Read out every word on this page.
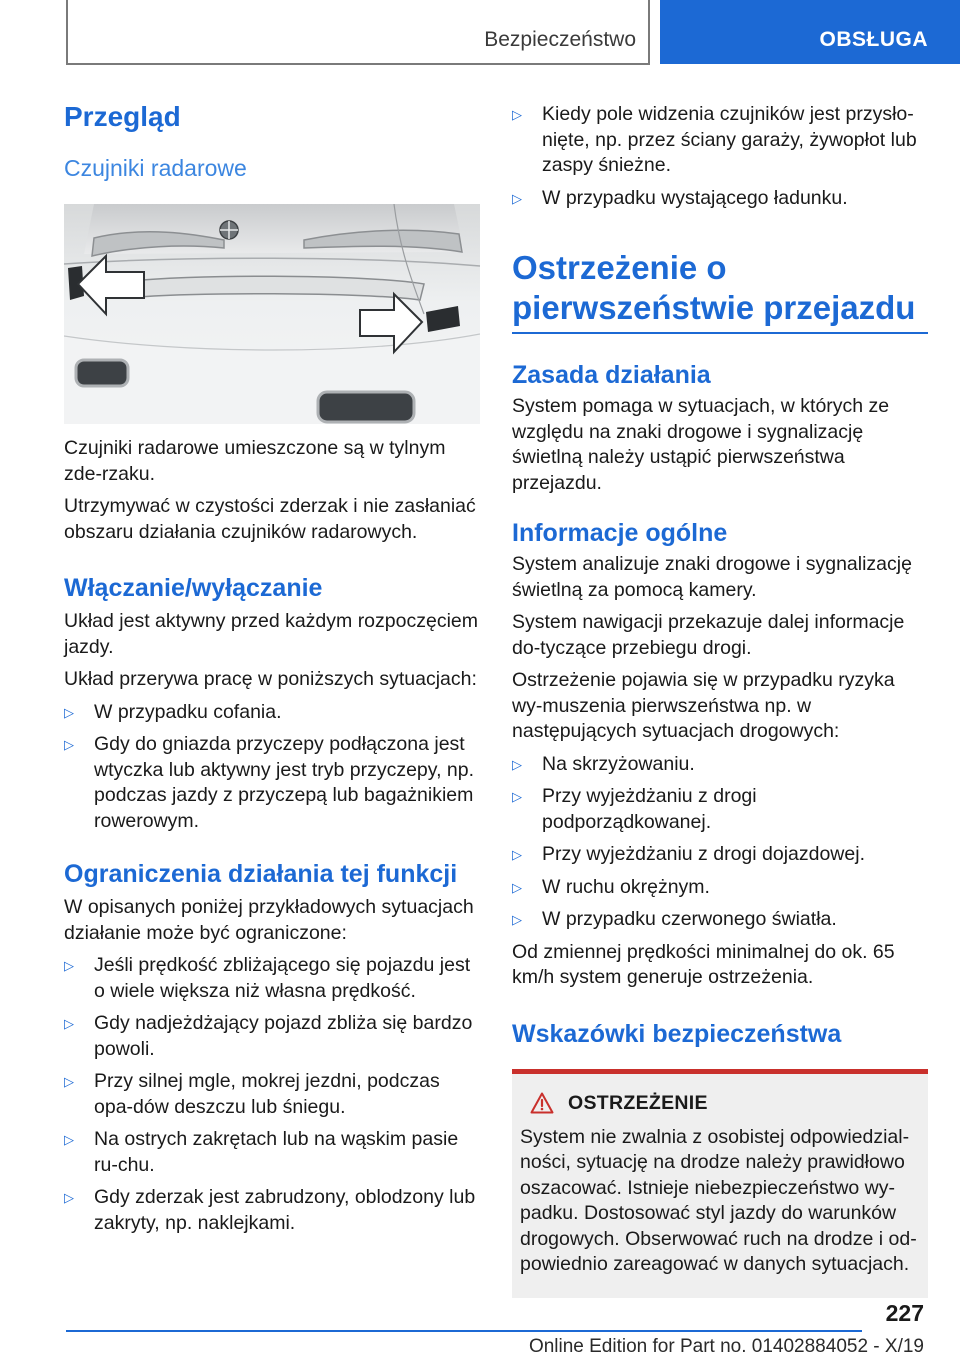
Bezpieczeństwo	OBSŁUGA
Przegląd
Czujniki radarowe

Czujniki radarowe umieszczone są w tylnym zde-rzaku.

Utrzymywać w czystości zderzak i nie zasłaniać obszaru działania czujników radarowych.

Włączanie/wyłączanie

Układ jest aktywny przed każdym rozpoczęciem jazdy.

Układ przerywa pracę w poniższych sytuacjach:

▷ W przypadku cofania.
▷ Gdy do gniazda przyczepy podłączona jest wtyczka lub aktywny jest tryb przyczepy, np. podczas jazdy z przyczepą lub bagażnikiem rowerowym.
Ograniczenia działania tej funkcji

W opisanych poniżej przykładowych sytuacjach działanie może być ograniczone:

▷ Jeśli prędkość zbliżającego się pojazdu jest o wiele większa niż własna prędkość.
▷ Gdy nadjeżdżający pojazd zbliża się bardzo powoli.
▷ Przy silnej mgle, mokrej jezdni, podczas opa-dów deszczu lub śniegu.
▷ Na ostrych zakrętach lub na wąskim pasie ru-chu.
▷ Gdy zderzak jest zabrudzony, oblodzony lub zakryty, np. naklejkami.
▷ Kiedy pole widzenia czujników jest przysło-nięte, np. przez ściany garaży, żywopłot lub zaspy śnieżne.
▷ W przypadku wystającego ładunku.
Ostrzeżenie o pierwszeństwie przejazdu
Zasada działania

System pomaga w sytuacjach, w których ze względu na znaki drogowe i sygnalizację świetlną należy ustąpić pierwszeństwa przejazdu.

Informacje ogólne

System analizuje znaki drogowe i sygnalizację świetlną za pomocą kamery.

System nawigacji przekazuje dalej informacje do-tyczące przebiegu drogi.

Ostrzeżenie pojawia się w przypadku ryzyka wy-muszenia pierwszeństwa np. w następujących sytuacjach drogowych:

▷ Na skrzyżowaniu.
▷ Przy wyjeżdżaniu z drogi podporządkowanej.
▷ Przy wyjeżdżaniu z drogi dojazdowej.
▷ W ruchu okrężnym.
▷ W przypadku czerwonego światła.

Od zmiennej prędkości minimalnej do ok. 65 km/h system generuje ostrzeżenia.

Wskazówki bezpieczeństwa
OSTRZEŻENIE

System nie zwalnia z osobistej odpowiedzial-ności, sytuację na drodze należy prawidłowo oszacować. Istnieje niebezpieczeństwo wy-padku. Dostosować styl jazdy do warunków drogowych. Obserwować ruch na drodze i od-powiednio zareagować w danych sytuacjach.

227
Online Edition for Part no. 01402884052 - X/19
